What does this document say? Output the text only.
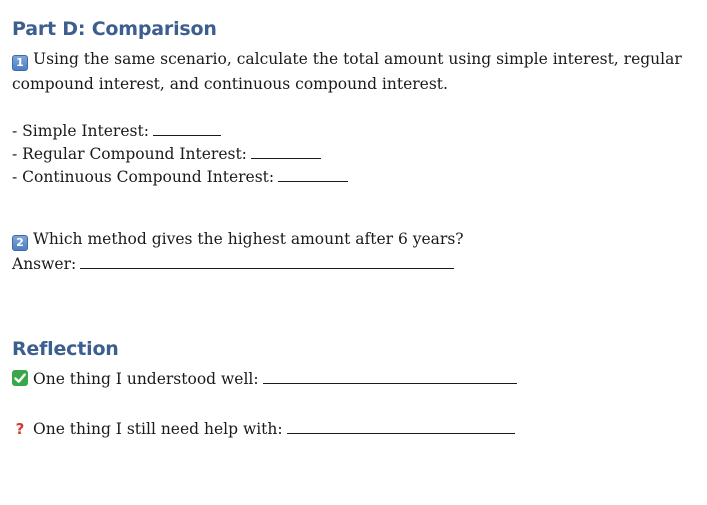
Part D: Comparison

1 Using the same scenario, calculate the total amount using simple interest, regular

compound interest, and continuous compound interest.

- Simple Interest:

- Regular Compound Interest:

- Continuous Compound Interest:

2 Which method gives the highest amount after 6 years?

Answer:

Reflection

One thing I understood well:

? One thing I still need help with:
